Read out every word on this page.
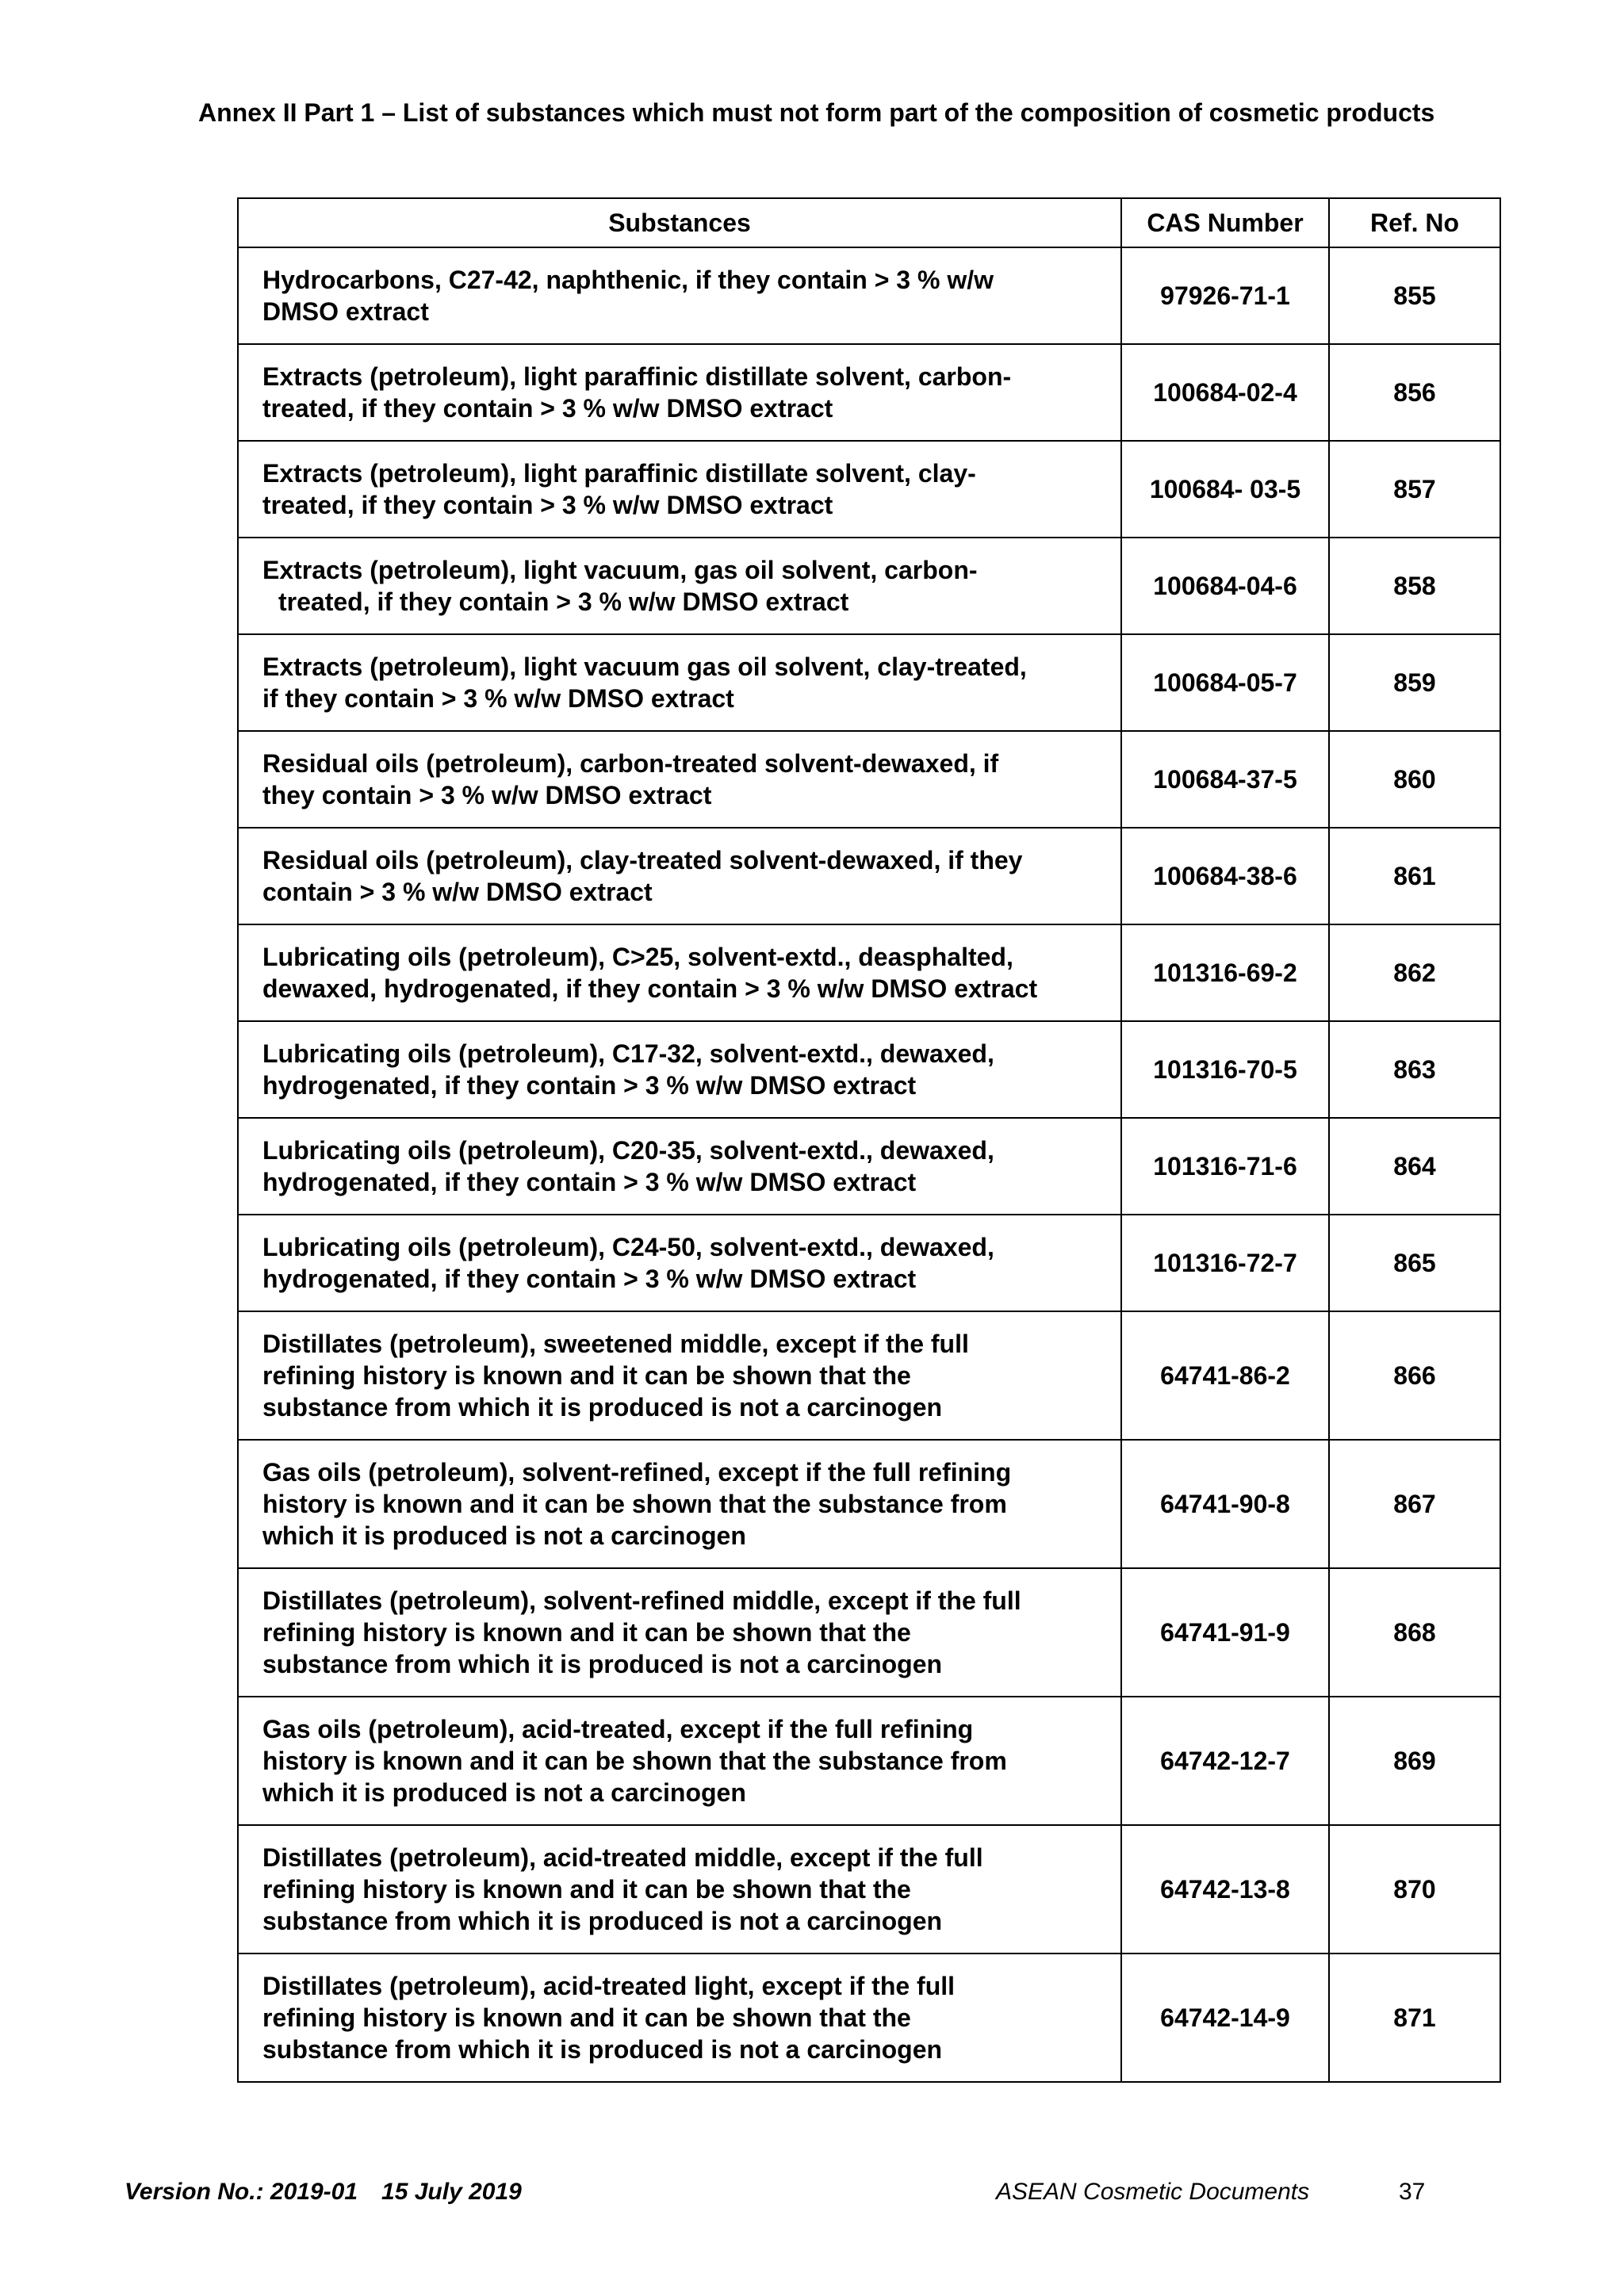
Annex II Part 1 – List of substances which must not form part of the composition of cosmetic products
Substances	CAS Number	Ref. No
Hydrocarbons, C27-42, naphthenic, if they contain > 3 % w/w
DMSO extract	97926-71-1	855
Extracts (petroleum), light paraffinic distillate solvent, carbon-
treated, if they contain > 3 % w/w DMSO extract	100684-02-4	856
Extracts (petroleum), light paraffinic distillate solvent, clay-
treated, if they contain > 3 % w/w DMSO extract	100684- 03-5	857
Extracts (petroleum), light vacuum, gas oil solvent, carbon-
treated, if they contain > 3 % w/w DMSO extract	100684-04-6	858
Extracts (petroleum), light vacuum gas oil solvent, clay-treated,
if they contain > 3 % w/w DMSO extract	100684-05-7	859
Residual oils (petroleum), carbon-treated solvent-dewaxed, if
they contain > 3 % w/w DMSO extract	100684-37-5	860
Residual oils (petroleum), clay-treated solvent-dewaxed, if they
contain > 3 % w/w DMSO extract	100684-38-6	861
Lubricating oils (petroleum), C>25, solvent-extd., deasphalted,
dewaxed, hydrogenated, if they contain > 3 % w/w DMSO extract	101316-69-2	862
Lubricating oils (petroleum), C17-32, solvent-extd., dewaxed,
hydrogenated, if they contain > 3 % w/w DMSO extract	101316-70-5	863
Lubricating oils (petroleum), C20-35, solvent-extd., dewaxed,
hydrogenated, if they contain > 3 % w/w DMSO extract	101316-71-6	864
Lubricating oils (petroleum), C24-50, solvent-extd., dewaxed,
hydrogenated, if they contain > 3 % w/w DMSO extract	101316-72-7	865
Distillates (petroleum), sweetened middle, except if the full
refining history is known and it can be shown that the
substance from which it is produced is not a carcinogen	64741-86-2	866
Gas oils (petroleum), solvent-refined, except if the full refining
history is known and it can be shown that the substance from
which it is produced is not a carcinogen	64741-90-8	867
Distillates (petroleum), solvent-refined middle, except if the full
refining history is known and it can be shown that the
substance from which it is produced is not a carcinogen	64741-91-9	868
Gas oils (petroleum), acid-treated, except if the full refining
history is known and it can be shown that the substance from
which it is produced is not a carcinogen	64742-12-7	869
Distillates (petroleum), acid-treated middle, except if the full
refining history is known and it can be shown that the
substance from which it is produced is not a carcinogen	64742-13-8	870
Distillates (petroleum), acid-treated light, except if the full
refining history is known and it can be shown that the
substance from which it is produced is not a carcinogen	64742-14-9	871
Version No.: 2019-01 15 July 2019	ASEAN Cosmetic Documents	37
